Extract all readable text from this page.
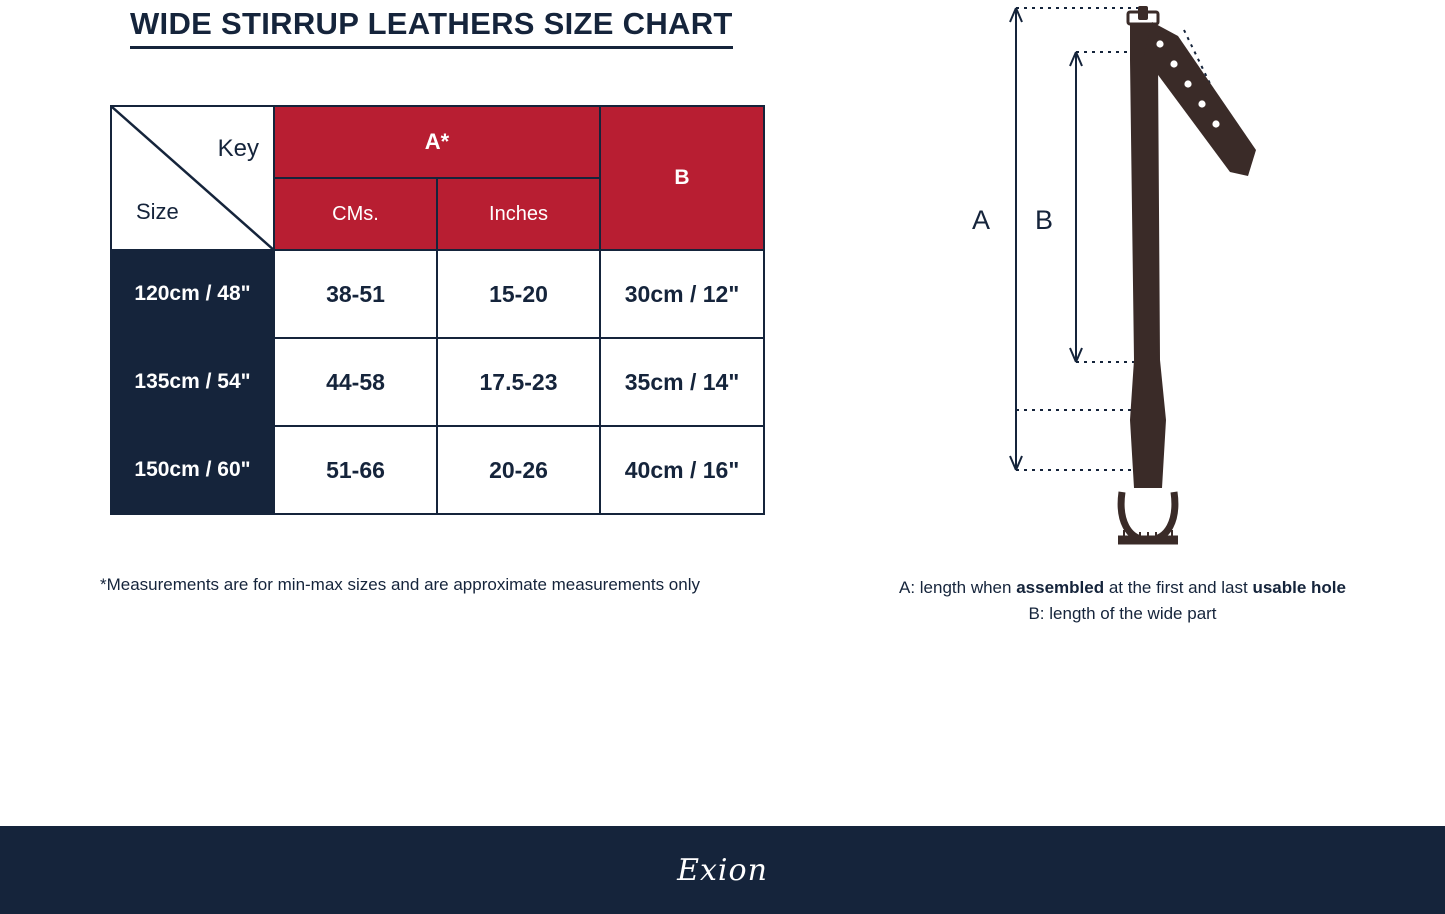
WIDE STIRRUP LEATHERS SIZE CHART
Key
Size	A*		B
	CMs.	Inches	
120cm / 48"	38-51	15-20	30cm / 12"
135cm / 54"	44-58	17.5-23	35cm / 14"
150cm / 60"	51-66	20-26	40cm / 16"
*Measurements are for min-max sizes and are approximate measurements only
A B
A: length when assembled at the first and last usable hole
B: length of the wide part
Exion
